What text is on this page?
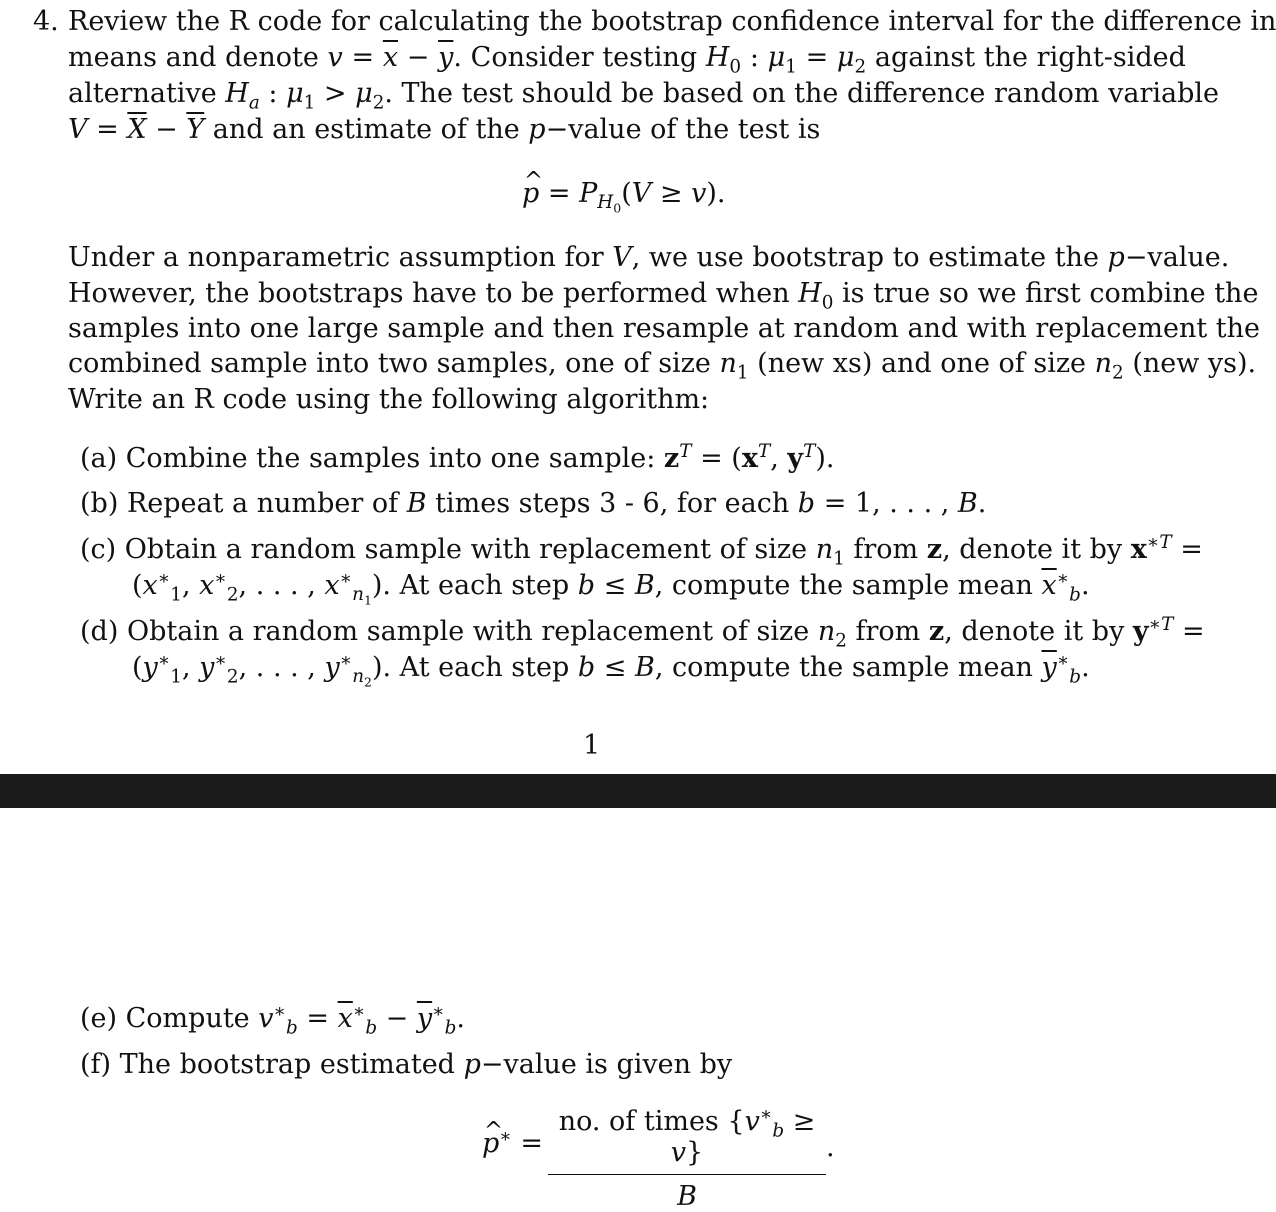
4. Review the R code for calculating the bootstrap confidence interval for the difference in
means and denote $v = \overline{x} - \overline{y}$. Consider testing $H_0$ : $\mu_1 = \mu_2$ against the right-sided
alternative $H_a$ : $\mu_1 > \mu_2$. The test should be based on the difference random variable
$V = \overline{X} - \overline{Y}$ and an estimate of the p−value of the test is
^ $p = P_{H_0}(V \ge v)$.
Under a nonparametric assumption for V, we use bootstrap to estimate the p−value.
However, the bootstraps have to be performed when $H_0$ is true so we first combine the
samples into one large sample and then resample at random and with replacement the
combined sample into two samples, one of size $n_1$ (new xs) and one of size $n_2$ (new ys).
Write an R code using the following algorithm:
(a) Combine the samples into one sample: $z^T = (x^T$, $y^T$).
(b) Repeat a number of B times steps 3 - 6, for each b = 1, . . . , B.
(c) Obtain a random sample with replacement of size $n_1$ from z, denote it by $x^{∗T}$ =
($x^∗_1$, $x^∗_2$, . . . , $x^∗_{n_1}$). At each step b ≤ B, compute the sample mean $\overline{x}^∗_b$.
(d) Obtain a random sample with replacement of size $n_2$ from z, denote it by $y^{∗T}$ =
($y^∗_1$, $y^∗_2$, . . . , $y^∗_{n_2}$). At each step b ≤ B, compute the sample mean $\overline{y}^∗_b$.
1
(e) Compute $v^∗_b = \overline{x}^∗_b - \overline{y}^∗_b$.
(f) The bootstrap estimated p−value is given by
^ p∗ =
no. of times $\{v^∗_b \ge v\}$
B
.
